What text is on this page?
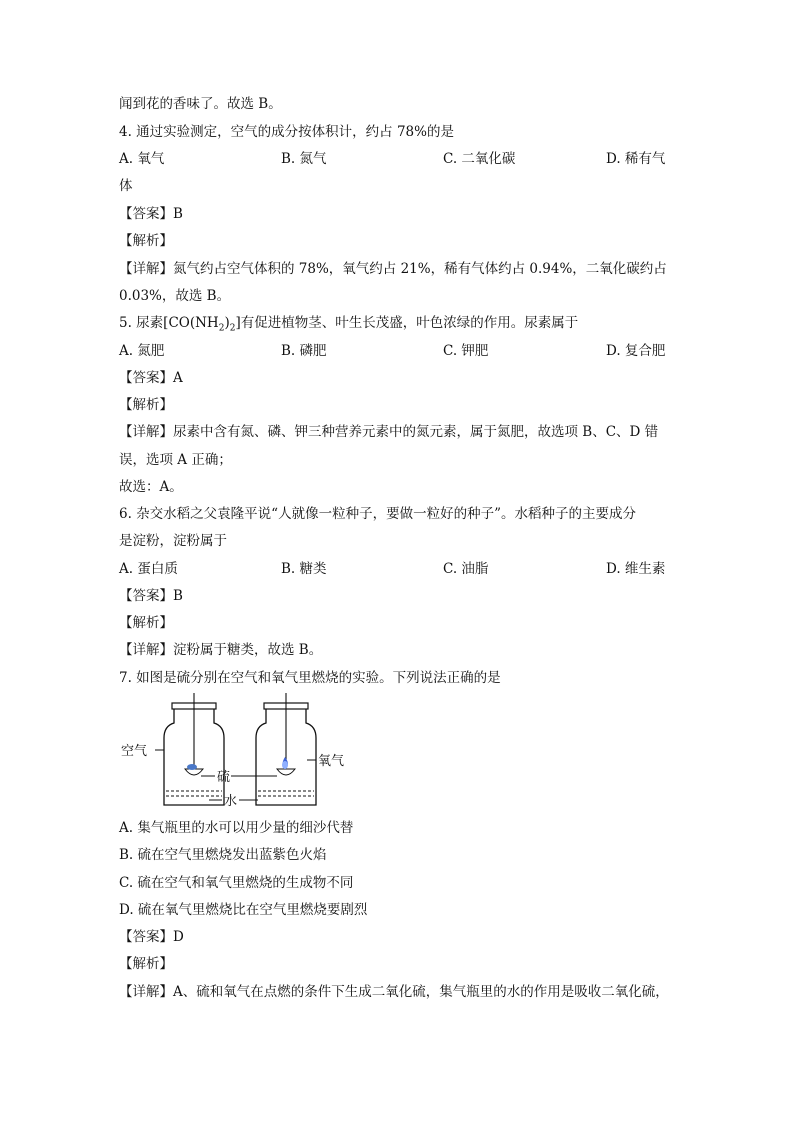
闻到花的香味了。故选 B。
4. 通过实验测定，空气的成分按体积计，约占 78%的是
A. 氧气	B. 氮气	C. 二氧化碳	D. 稀有气
体
【答案】B
【解析】
【详解】氮气约占空气体积的 78%，氧气约占 21%，稀有气体约占 0.94%，二氧化碳约占
0.03%，故选 B。
5. 尿素$[CO(NH_2)_2]$有促进植物茎、叶生长茂盛，叶色浓绿的作用。尿素属于
A. 氮肥	B. 磷肥	C. 钾肥	D. 复合肥
【答案】A
【解析】
【详解】尿素中含有氮、磷、钾三种营养元素中的氮元素，属于氮肥，故选项 B、C、D 错
误，选项 A 正确；
故选：A。
6. 杂交水稻之父袁隆平说“人就像一粒种子，要做一粒好的种子”。水稻种子的主要成分
是淀粉，淀粉属于
A. 蛋白质	B. 糖类	C. 油脂	D. 维生素
【答案】B
【解析】
【详解】淀粉属于糖类，故选 B。
7. 如图是硫分别在空气和氧气里燃烧的实验。下列说法正确的是
空气
硫
氧气
水
A. 集气瓶里的水可以用少量的细沙代替
B. 硫在空气里燃烧发出蓝紫色火焰
C. 硫在空气和氧气里燃烧的生成物不同
D. 硫在氧气里燃烧比在空气里燃烧要剧烈
【答案】D
【解析】
【详解】A、硫和氧气在点燃的条件下生成二氧化硫，集气瓶里的水的作用是吸收二氧化硫，
